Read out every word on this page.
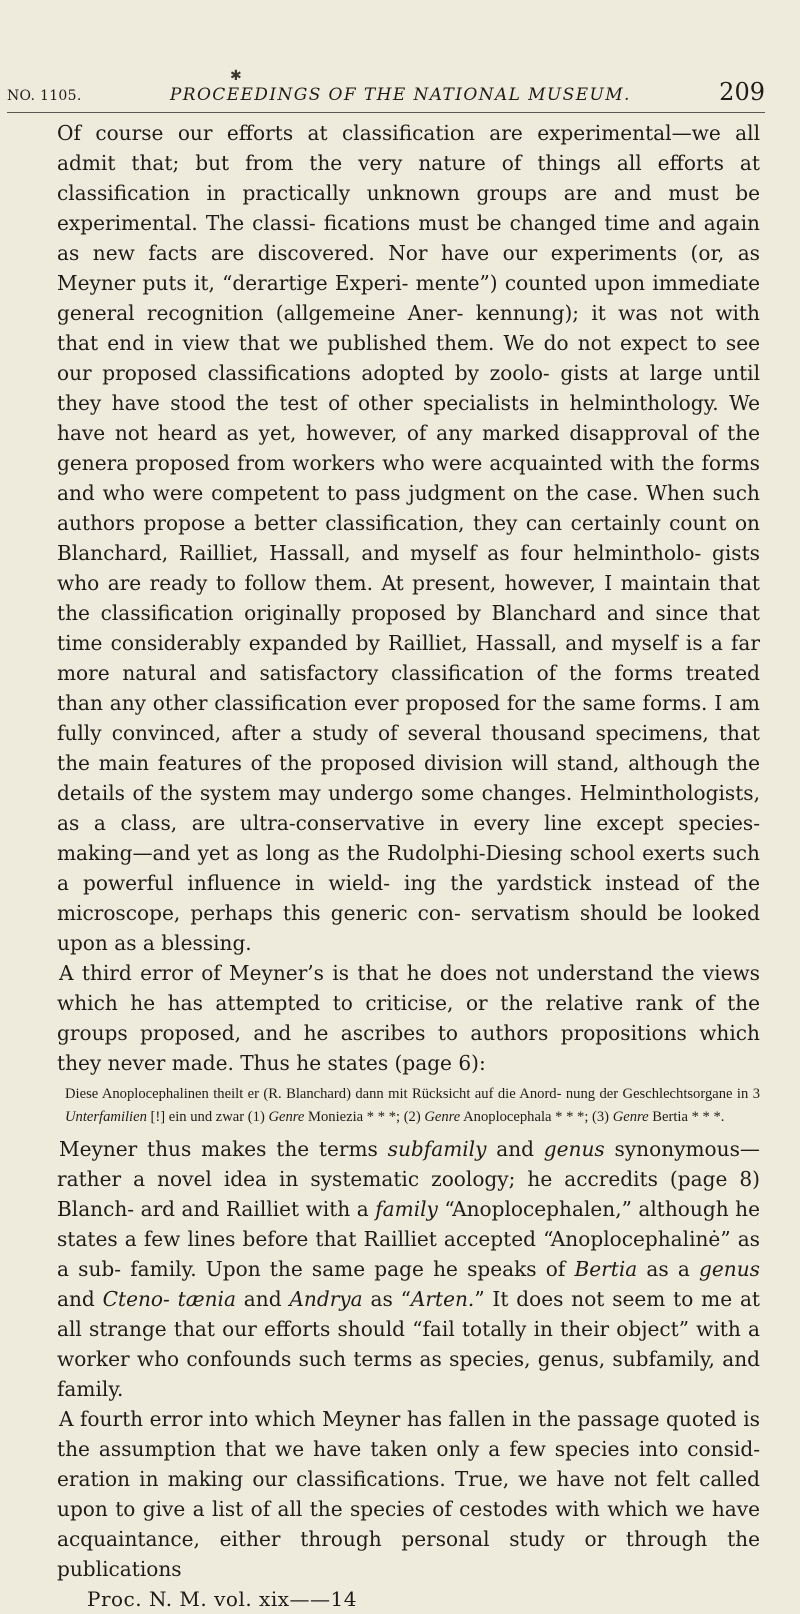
✱
NO. 1105.	PROCEEDINGS OF THE NATIONAL MUSEUM.	209

Of course our efforts at classification are experimental—we all admit that; but from the very nature of things all efforts at classification in practically unknown groups are and must be experimental. The classi- fications must be changed time and again as new facts are discovered. Nor have our experiments (or, as Meyner puts it, “derartige Experi- mente”) counted upon immediate general recognition (allgemeine Aner- kennung); it was not with that end in view that we published them. We do not expect to see our proposed classifications adopted by zoolo- gists at large until they have stood the test of other specialists in helminthology. We have not heard as yet, however, of any marked disapproval of the genera proposed from workers who were acquainted with the forms and who were competent to pass judgment on the case. When such authors propose a better classification, they can certainly count on Blanchard, Railliet, Hassall, and myself as four helmintholo- gists who are ready to follow them. At present, however, I maintain that the classification originally proposed by Blanchard and since that time considerably expanded by Railliet, Hassall, and myself is a far more natural and satisfactory classification of the forms treated than any other classification ever proposed for the same forms. I am fully convinced, after a study of several thousand specimens, that the main features of the proposed division will stand, although the details of the system may undergo some changes. Helminthologists, as a class, are ultra-conservative in every line except species-making—and yet as long as the Rudolphi-Diesing school exerts such a powerful influence in wield- ing the yardstick instead of the microscope, perhaps this generic con- servatism should be looked upon as a blessing.

A third error of Meyner’s is that he does not understand the views which he has attempted to criticise, or the relative rank of the groups proposed, and he ascribes to authors propositions which they never made. Thus he states (page 6):

Diese Anoplocephalinen theilt er (R. Blanchard) dann mit Rücksicht auf die Anord- nung der Geschlechtsorgane in 3 Unterfamilien [!] ein und zwar (1) Genre Moniezia * * *; (2) Genre Anoplocephala * * *; (3) Genre Bertia * * *.

Meyner thus makes the terms subfamily and genus synonymous— rather a novel idea in systematic zoology; he accredits (page 8) Blanch- ard and Railliet with a family “Anoplocephalen,” although he states a few lines before that Railliet accepted “Anoplocephalinė” as a sub- family. Upon the same page he speaks of Bertia as a genus and Cteno- tænia and Andrya as “Arten.” It does not seem to me at all strange that our efforts should “fail totally in their object” with a worker who confounds such terms as species, genus, subfamily, and family.

A fourth error into which Meyner has fallen in the passage quoted is the assumption that we have taken only a few species into consid- eration in making our classifications. True, we have not felt called upon to give a list of all the species of cestodes with which we have acquaintance, either through personal study or through the publications

Proc. N. M. vol. xix——14
